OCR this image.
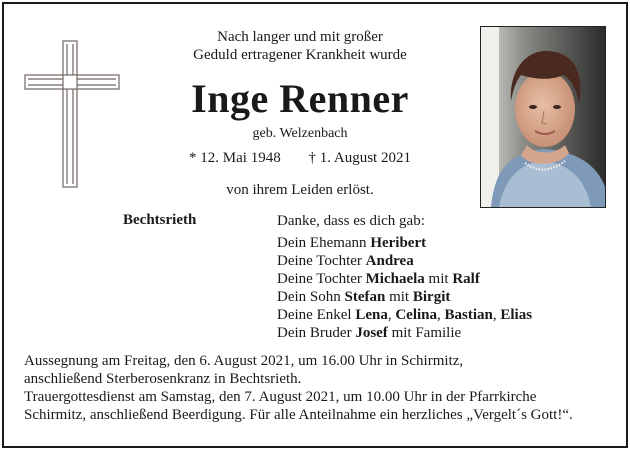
Nach langer und mit großer
Geduld ertragener Krankheit wurde
Inge Renner
geb. Welzenbach
* 12. Mai 1948 † 1. August 2021
von ihrem Leiden erlöst.
Bechtsrieth	Danke, dass es dich gab:
Dein Ehemann Heribert
Deine Tochter Andrea
Deine Tochter Michaela mit Ralf
Dein Sohn Stefan mit Birgit
Deine Enkel Lena, Celina, Bastian, Elias
Dein Bruder Josef mit Familie

Aussegnung am Freitag, den 6. August 2021, um 16.00 Uhr in Schirmitz,
anschließend Sterberosenkranz in Bechtsrieth.

Trauergottesdienst am Samstag, den 7. August 2021, um 10.00 Uhr in der Pfarrkirche
Schirmitz, anschließend Beerdigung. Für alle Anteilnahme ein herzliches „Vergelt´s Gott!“.
